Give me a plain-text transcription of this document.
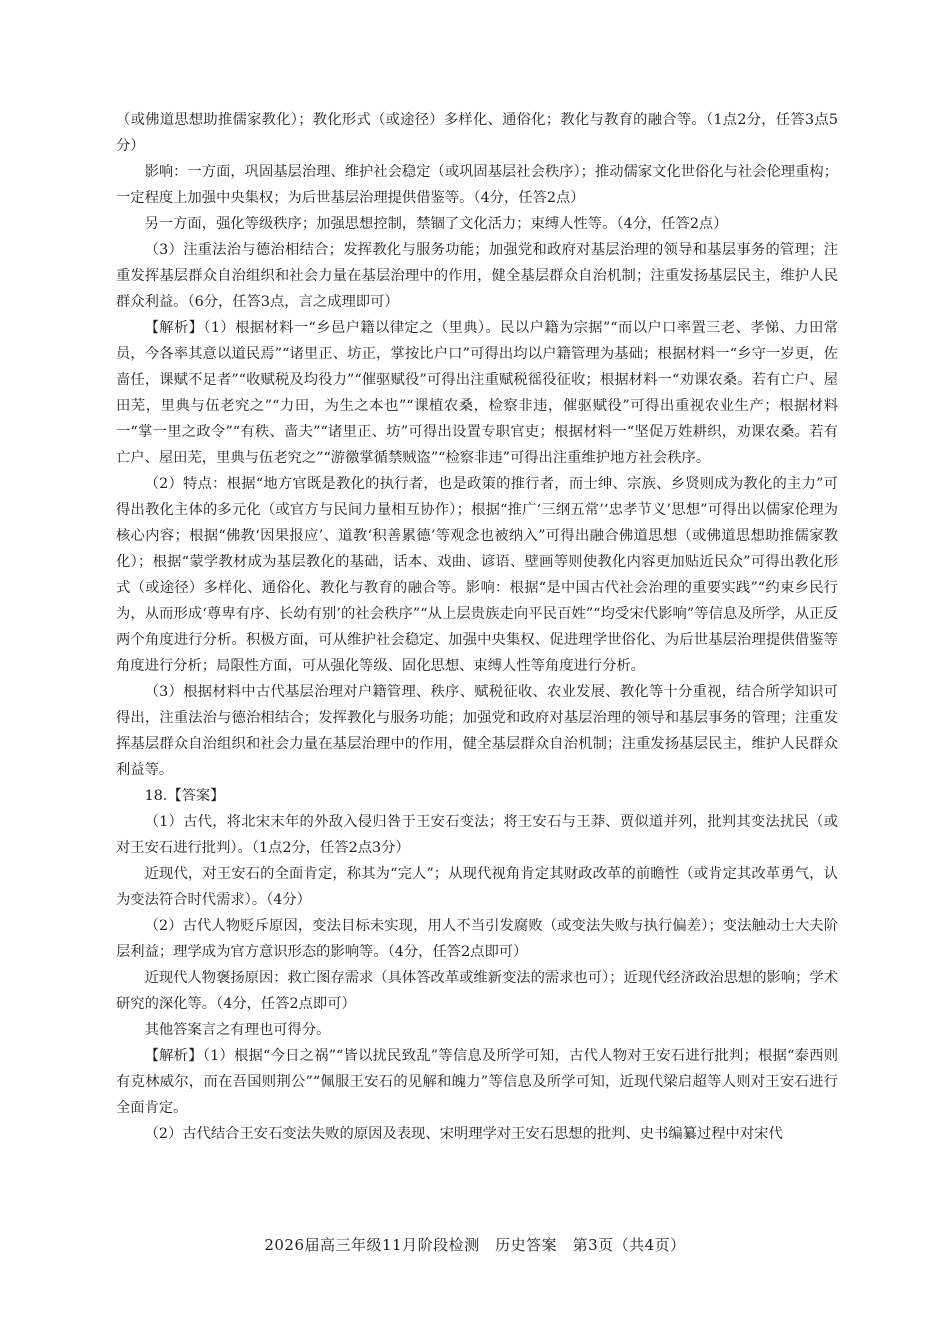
（或佛道思想助推儒家教化）；教化形式（或途径）多样化、通俗化；教化与教育的融合等。（1点2分，任答3点5分）

影响：一方面，巩固基层治理、维护社会稳定（或巩固基层社会秩序）；推动儒家文化世俗化与社会伦理重构；一定程度上加强中央集权；为后世基层治理提供借鉴等。（4分，任答2点）

另一方面，强化等级秩序；加强思想控制，禁锢了文化活力；束缚人性等。（4分，任答2点）

（3）注重法治与德治相结合；发挥教化与服务功能；加强党和政府对基层治理的领导和基层事务的管理；注重发挥基层群众自治组织和社会力量在基层治理中的作用，健全基层群众自治机制；注重发扬基层民主，维护人民群众利益。（6分，任答3点，言之成理即可）

【解析】（1）根据材料一“乡邑户籍以律定之（里典）。民以户籍为宗据”“而以户口率置三老、孝悌、力田常员，今各率其意以道民焉”“诸里正、坊正，掌按比户口”可得出均以户籍管理为基础；根据材料一“乡守一岁更，佐啬任，课赋不足者”“收赋税及均役力”“催驱赋役”可得出注重赋税徭役征收；根据材料一“劝课农桑。若有亡户、屋田芜，里典与伍老究之”“力田，为生之本也”“课植农桑，检察非违，催驱赋役”可得出重视农业生产；根据材料一“掌一里之政令”“有秩、啬夫”“诸里正、坊”可得出设置专职官吏；根据材料一“坚促万姓耕织，劝课农桑。若有亡户、屋田芜，里典与伍老究之”“游徼掌循禁贼盗”“检察非违”可得出注重维护地方社会秩序。

（2）特点：根据“地方官既是教化的执行者，也是政策的推行者，而士绅、宗族、乡贤则成为教化的主力”可得出教化主体的多元化（或官方与民间力量相互协作）；根据“推广‘三纲五常’‘忠孝节义’思想”可得出以儒家伦理为核心内容；根据“佛教‘因果报应’、道教‘积善累德’等观念也被纳入”可得出融合佛道思想（或佛道思想助推儒家教化）；根据“蒙学教材成为基层教化的基础，话本、戏曲、谚语、壁画等则使教化内容更加贴近民众”可得出教化形式（或途径）多样化、通俗化、教化与教育的融合等。影响：根据“是中国古代社会治理的重要实践”“约束乡民行为，从而形成‘尊卑有序、长幼有别’的社会秩序”“从上层贵族走向平民百姓”“均受宋代影响”等信息及所学，从正反两个角度进行分析。积极方面，可从维护社会稳定、加强中央集权、促进理学世俗化、为后世基层治理提供借鉴等角度进行分析；局限性方面，可从强化等级、固化思想、束缚人性等角度进行分析。

（3）根据材料中古代基层治理对户籍管理、秩序、赋税征收、农业发展、教化等十分重视，结合所学知识可得出，注重法治与德治相结合；发挥教化与服务功能；加强党和政府对基层治理的领导和基层事务的管理；注重发挥基层群众自治组织和社会力量在基层治理中的作用，健全基层群众自治机制；注重发扬基层民主，维护人民群众利益等。

18.【答案】

（1）古代，将北宋末年的外敌入侵归咎于王安石变法；将王安石与王莽、贾似道并列，批判其变法扰民（或对王安石进行批判）。（1点2分，任答2点3分）

近现代，对王安石的全面肯定，称其为“完人”；从现代视角肯定其财政改革的前瞻性（或肯定其改革勇气，认为变法符合时代需求）。（4分）

（2）古代人物贬斥原因，变法目标未实现，用人不当引发腐败（或变法失败与执行偏差）；变法触动士大夫阶层利益；理学成为官方意识形态的影响等。（4分，任答2点即可）

近现代人物褒扬原因：救亡图存需求（具体答改革或维新变法的需求也可）；近现代经济政治思想的影响；学术研究的深化等。（4分，任答2点即可）

其他答案言之有理也可得分。

【解析】（1）根据“今日之祸”“皆以扰民致乱”等信息及所学可知，古代人物对王安石进行批判；根据“泰西则有克林威尔，而在吾国则荆公”“佩服王安石的见解和魄力”等信息及所学可知，近现代梁启超等人则对王安石进行全面肯定。

（2）古代结合王安石变法失败的原因及表现、宋明理学对王安石思想的批判、史书编纂过程中对宋代

2026届高三年级11月阶段检测　历史答案　第3页（共4页）
